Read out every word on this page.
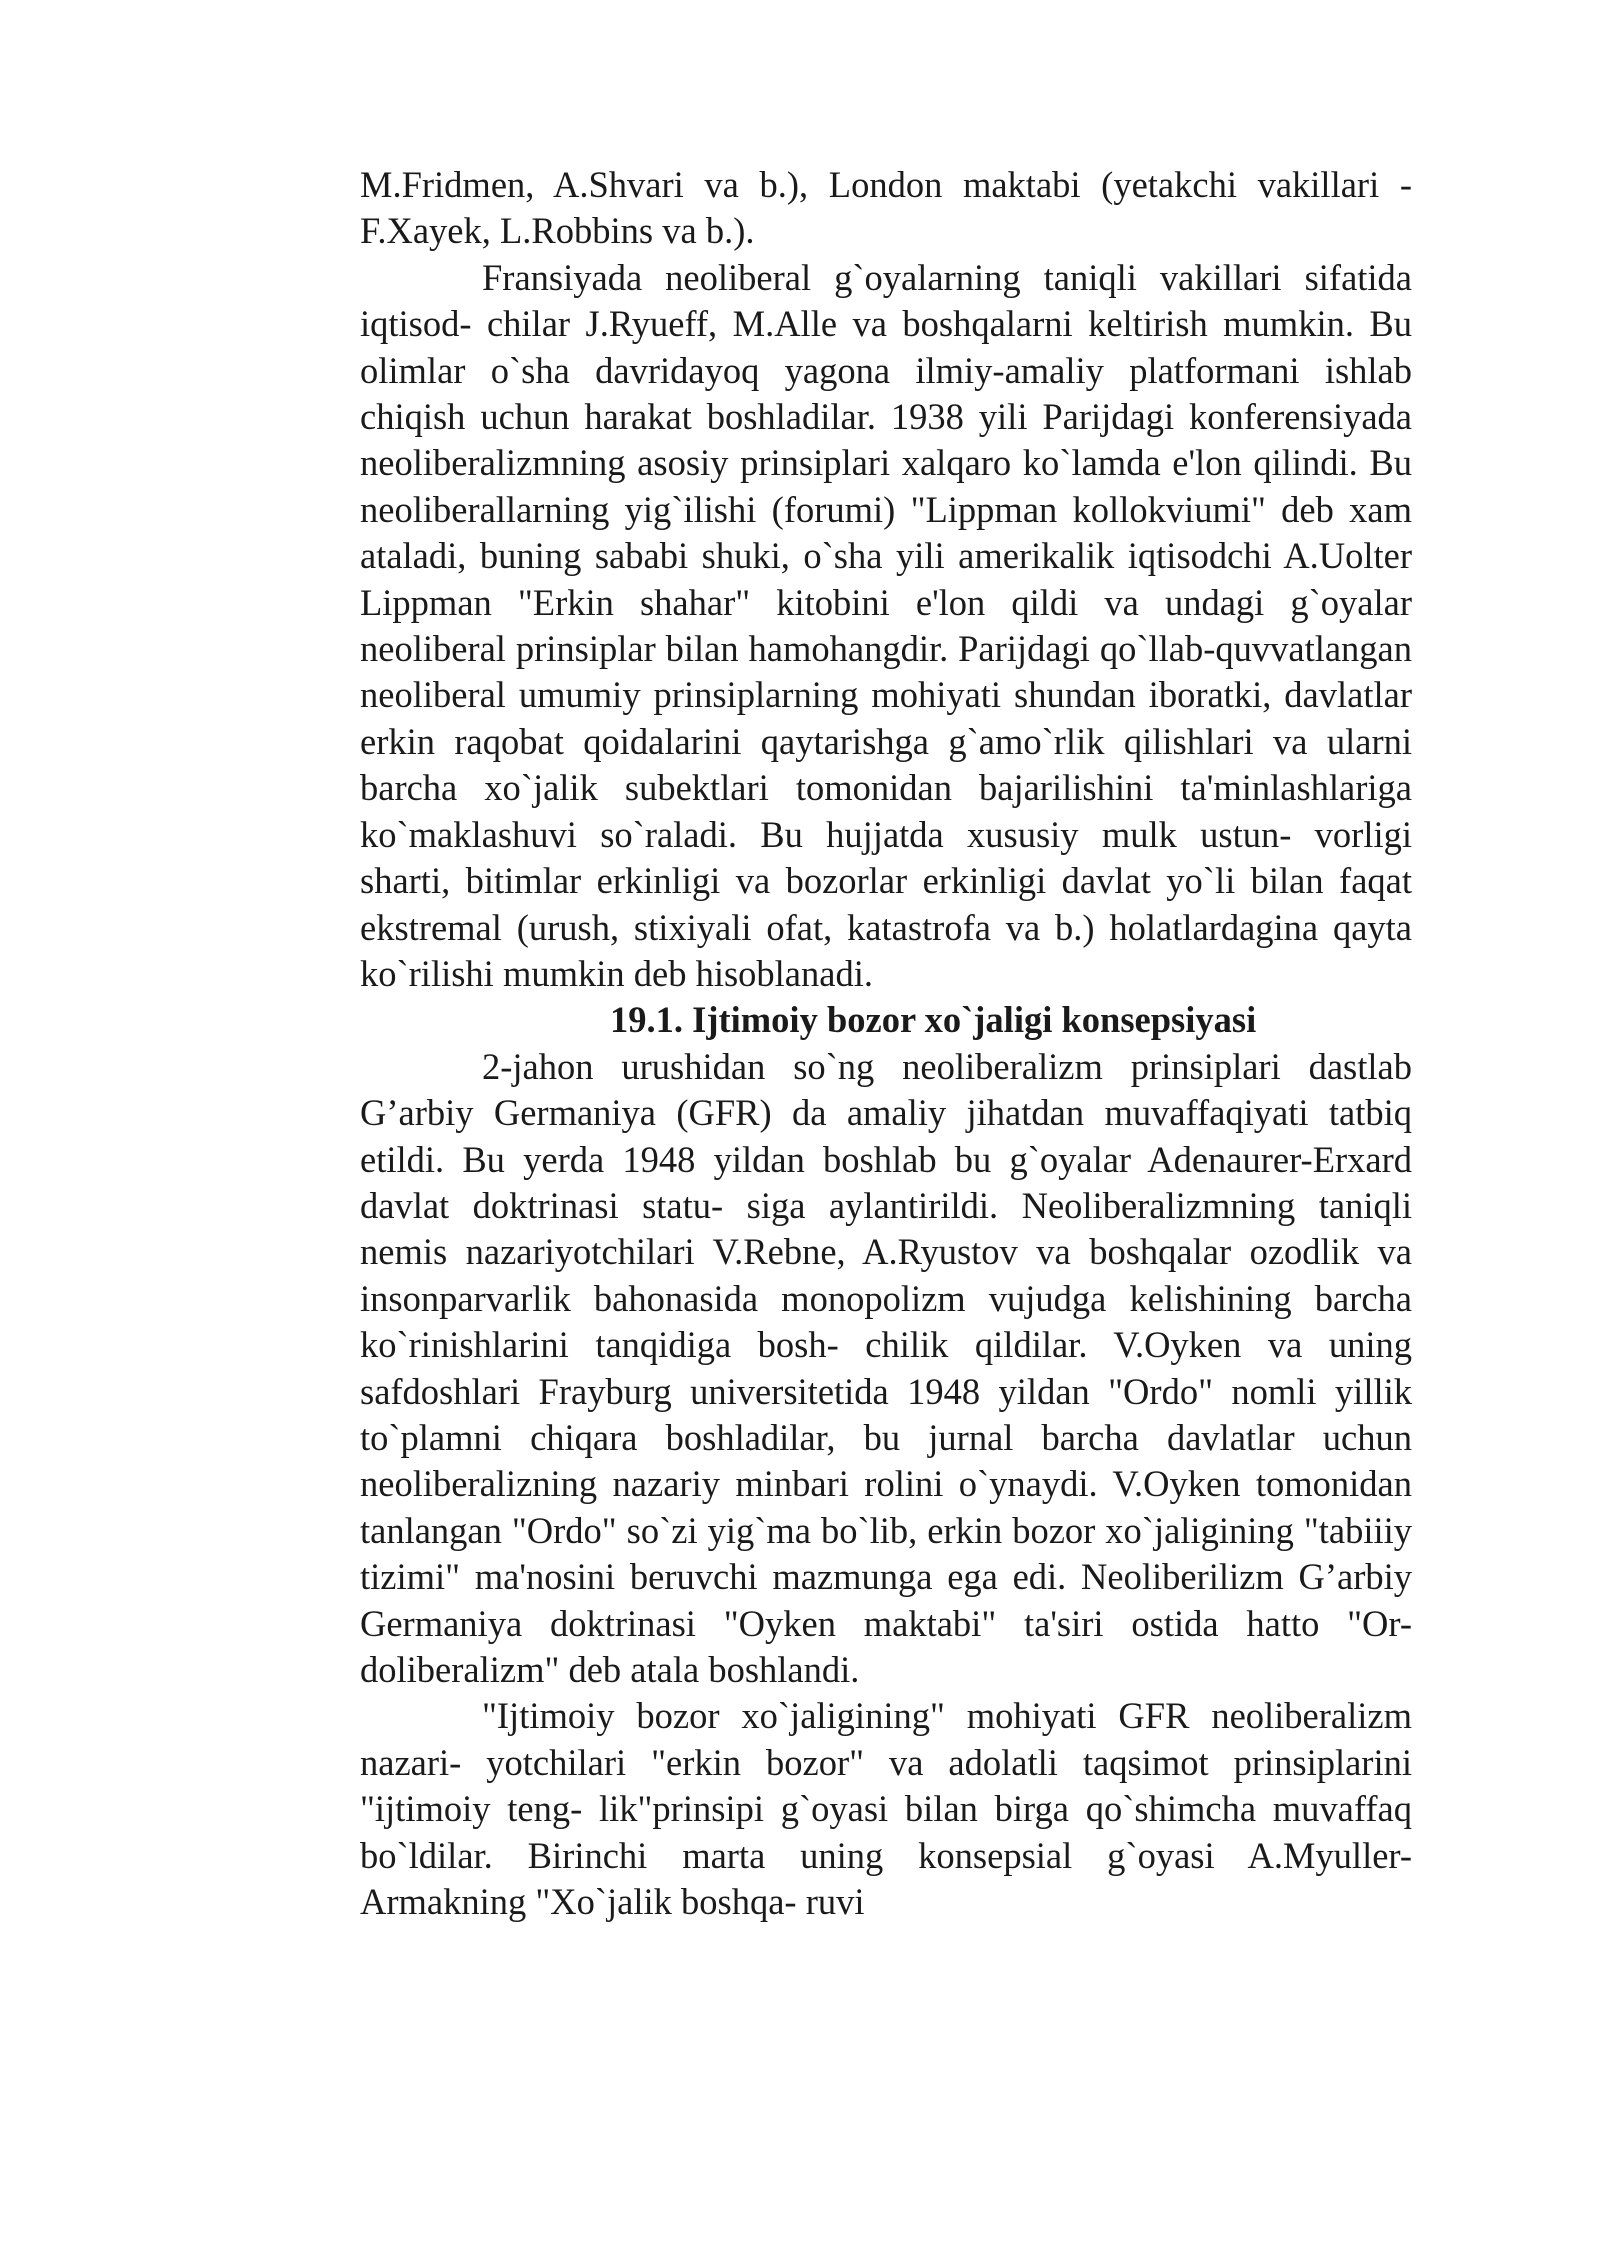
M.Fridmen, A.Shvari va b.), London maktabi (yetakchi vakillari - F.Xayek, L.Robbins va b.).

Fransiyada neoliberal g`oyalarning taniqli vakillari sifatida iqtisod- chilar J.Ryueff, M.Alle va boshqalarni keltirish mumkin. Bu olimlar o`sha davridayoq yagona ilmiy-amaliy platformani ishlab chiqish uchun harakat boshladilar. 1938 yili Parijdagi konferensiyada neoliberalizmning asosiy prinsiplari xalqaro ko`lamda e'lon qilindi. Bu neoliberallarning yig`ilishi (forumi) "Lippman kollokviumi" deb xam ataladi, buning sababi shuki, o`sha yili amerikalik iqtisodchi A.Uolter Lippman "Erkin shahar" kitobini e'lon qildi va undagi g`oyalar neoliberal prinsiplar bilan hamohangdir. Parijdagi qo`llab-quvvatlangan neoliberal umumiy prinsiplarning mohiyati shundan iboratki, davlatlar erkin raqobat qoidalarini qaytarishga g`amo`rlik qilishlari va ularni barcha xo`jalik subektlari tomonidan bajarilishini ta'minlashlariga ko`maklashuvi so`raladi. Bu hujjatda xususiy mulk ustun- vorligi sharti, bitimlar erkinligi va bozorlar erkinligi davlat yo`li bilan faqat ekstremal (urush, stixiyali ofat, katastrofa va b.) holatlardagina qayta ko`rilishi mumkin deb hisoblanadi.

19.1. Ijtimoiy bozor xo`jaligi konsepsiyasi

2-jahon urushidan so`ng neoliberalizm prinsiplari dastlab G’arbiy Germaniya (GFR) da amaliy jihatdan muvaffaqiyati tatbiq etildi. Bu yerda 1948 yildan boshlab bu g`oyalar Adenaurer-Erxard davlat doktrinasi statu- siga aylantirildi. Neoliberalizmning taniqli nemis nazariyotchilari V.Rebne, A.Ryustov va boshqalar ozodlik va insonparvarlik bahonasida monopolizm vujudga kelishining barcha ko`rinishlarini tanqidiga bosh- chilik qildilar. V.Oyken va uning safdoshlari Frayburg universitetida 1948 yildan "Ordo" nomli yillik to`plamni chiqara boshladilar, bu jurnal barcha davlatlar uchun neoliberalizning nazariy minbari rolini o`ynaydi. V.Oyken tomonidan tanlangan "Ordo" so`zi yig`ma bo`lib, erkin bozor xo`jaligining "tabiiiy tizimi" ma'nosini beruvchi mazmunga ega edi. Neoliberilizm G’arbiy Germaniya doktrinasi "Oyken maktabi" ta'siri ostida hatto "Or- doliberalizm" deb atala boshlandi.

"Ijtimoiy bozor xo`jaligining" mohiyati GFR neoliberalizm nazari- yotchilari "erkin bozor" va adolatli taqsimot prinsiplarini "ijtimoiy teng- lik"prinsipi g`oyasi bilan birga qo`shimcha muvaffaq bo`ldilar. Birinchi marta uning konsepsial g`oyasi A.Myuller-Armakning "Xo`jalik boshqa- ruvi
